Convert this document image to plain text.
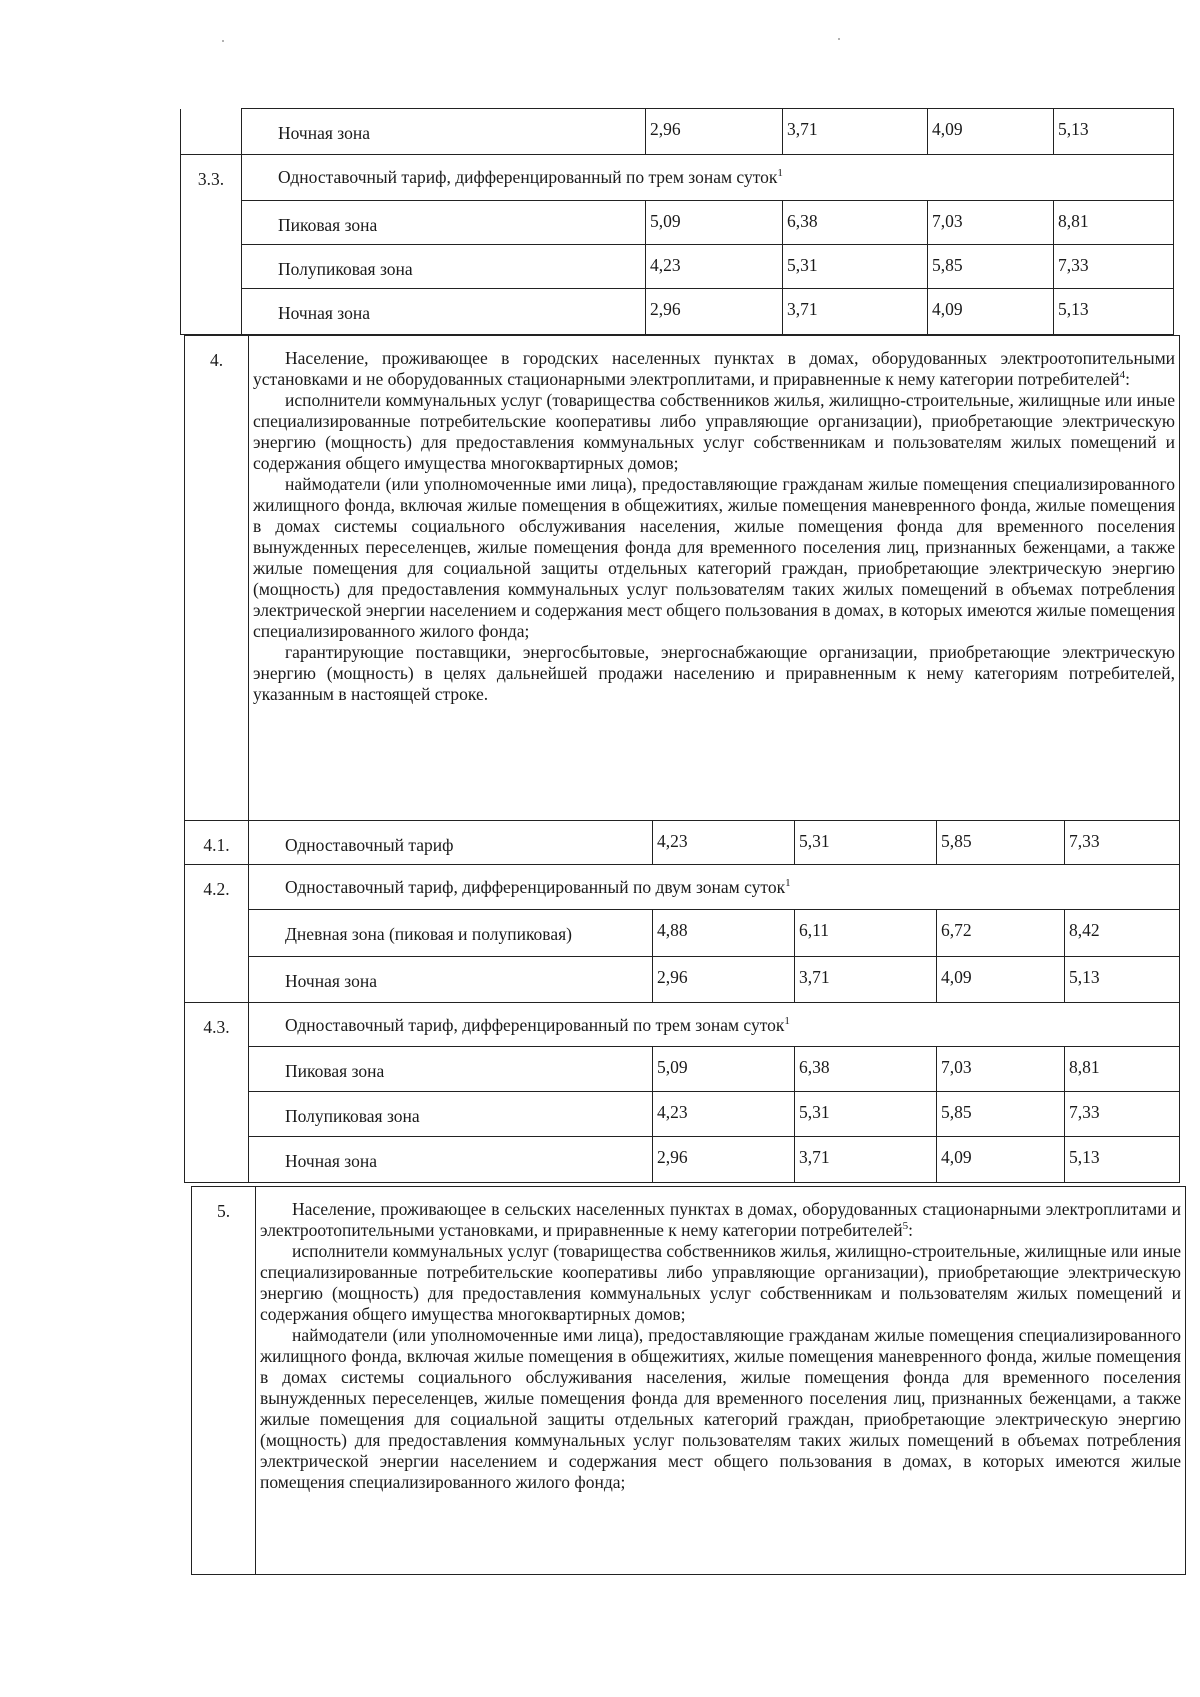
	Ночная зона	2,96	3,71	4,09	5,13
3.3.	Одноставочный тариф, дифференцированный по трем зонам суток$^1$
	Пиковая зона	5,09	6,38	7,03	8,81
	Полупиковая зона	4,23	5,31	5,85	7,33
	Ночная зона	2,96	3,71	4,09	5,13
4.	Население, проживающее в городских населенных пунктах в домах, оборудованных электроотопительными установками и не оборудованных стационарными электроплитами, и приравненные к нему категории потребителей$^4$:

исполнители коммунальных услуг (товарищества собственников жилья, жилищно-строительные, жилищные или иные специализированные потребительские кооперативы либо управляющие организации), приобретающие электрическую энергию (мощность) для предоставления коммунальных услуг собственникам и пользователям жилых помещений и содержания общего имущества многоквартирных домов;

наймодатели (или уполномоченные ими лица), предоставляющие гражданам жилые помещения специализированного жилищного фонда, включая жилые помещения в общежитиях, жилые помещения маневренного фонда, жилые помещения в домах системы социального обслуживания населения, жилые помещения фонда для временного поселения вынужденных переселенцев, жилые помещения фонда для временного поселения лиц, признанных беженцами, а также жилые помещения для социальной защиты отдельных категорий граждан, приобретающие электрическую энергию (мощность) для предоставления коммунальных услуг пользователям таких жилых помещений в объемах потребления электрической энергии населением и содержания мест общего пользования в домах, в которых имеются жилые помещения специализированного жилого фонда;

гарантирующие поставщики, энергосбытовые, энергоснабжающие организации, приобретающие электрическую энергию (мощность) в целях дальнейшей продажи населению и приравненным к нему категориям потребителей, указанным в настоящей строке.				

4.1.	Одноставочный тариф	4,23	5,31	5,85	7,33
4.2.	Одноставочный тариф, дифференцированный по двум зонам суток$^1$
	Дневная зона (пиковая и полупиковая)	4,88	6,11	6,72	8,42
	Ночная зона	2,96	3,71	4,09	5,13
4.3.	Одноставочный тариф, дифференцированный по трем зонам суток$^1$
	Пиковая зона	5,09	6,38	7,03	8,81
	Полупиковая зона	4,23	5,31	5,85	7,33
	Ночная зона	2,96	3,71	4,09	5,13
5.	Население, проживающее в сельских населенных пунктах в домах, оборудованных стационарными электроплитами и электроотопительными установками, и приравненные к нему категории потребителей$^5$:

исполнители коммунальных услуг (товарищества собственников жилья, жилищно-строительные, жилищные или иные специализированные потребительские кооперативы либо управляющие организации), приобретающие электрическую энергию (мощность) для предоставления коммунальных услуг собственникам и пользователям жилых помещений и содержания общего имущества многоквартирных домов;

наймодатели (или уполномоченные ими лица), предоставляющие гражданам жилые помещения специализированного жилищного фонда, включая жилые помещения в общежитиях, жилые помещения маневренного фонда, жилые помещения в домах системы социального обслуживания населения, жилые помещения фонда для временного поселения вынужденных переселенцев, жилые помещения фонда для временного поселения лиц, признанных беженцами, а также жилые помещения для социальной защиты отдельных категорий граждан, приобретающие электрическую энергию (мощность) для предоставления коммунальных услуг пользователям таких жилых помещений в объемах потребления электрической энергии населением и содержания мест общего пользования в домах, в которых имеются жилые помещения специализированного жилого фонда;
